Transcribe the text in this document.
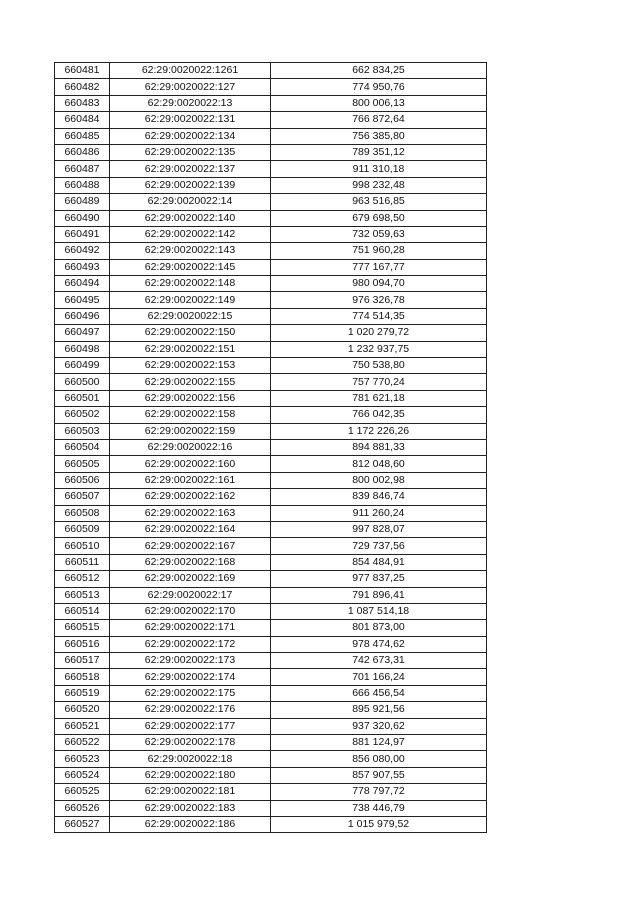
660481	62:29:0020022:1261	662 834,25
660482	62:29:0020022:127	774 950,76
660483	62:29:0020022:13	800 006,13
660484	62:29:0020022:131	766 872,64
660485	62:29:0020022:134	756 385,80
660486	62:29:0020022:135	789 351,12
660487	62:29:0020022:137	911 310,18
660488	62:29:0020022:139	998 232,48
660489	62:29:0020022:14	963 516,85
660490	62:29:0020022:140	679 698,50
660491	62:29:0020022:142	732 059,63
660492	62:29:0020022:143	751 960,28
660493	62:29:0020022:145	777 167,77
660494	62:29:0020022:148	980 094,70
660495	62:29:0020022:149	976 326,78
660496	62:29:0020022:15	774 514,35
660497	62:29:0020022:150	1 020 279,72
660498	62:29:0020022:151	1 232 937,75
660499	62:29:0020022:153	750 538,80
660500	62:29:0020022:155	757 770,24
660501	62:29:0020022:156	781 621,18
660502	62:29:0020022:158	766 042,35
660503	62:29:0020022:159	1 172 226,26
660504	62:29:0020022:16	894 881,33
660505	62:29:0020022:160	812 048,60
660506	62:29:0020022:161	800 002,98
660507	62:29:0020022:162	839 846,74
660508	62:29:0020022:163	911 260,24
660509	62:29:0020022:164	997 828,07
660510	62:29:0020022:167	729 737,56
660511	62:29:0020022:168	854 484,91
660512	62:29:0020022:169	977 837,25
660513	62:29:0020022:17	791 896,41
660514	62:29:0020022:170	1 087 514,18
660515	62:29:0020022:171	801 873,00
660516	62:29:0020022:172	978 474,62
660517	62:29:0020022:173	742 673,31
660518	62:29:0020022:174	701 166,24
660519	62:29:0020022:175	666 456,54
660520	62:29:0020022:176	895 921,56
660521	62:29:0020022:177	937 320,62
660522	62:29:0020022:178	881 124,97
660523	62:29:0020022:18	856 080,00
660524	62:29:0020022:180	857 907,55
660525	62:29:0020022:181	778 797,72
660526	62:29:0020022:183	738 446,79
660527	62:29:0020022:186	1 015 979,52
